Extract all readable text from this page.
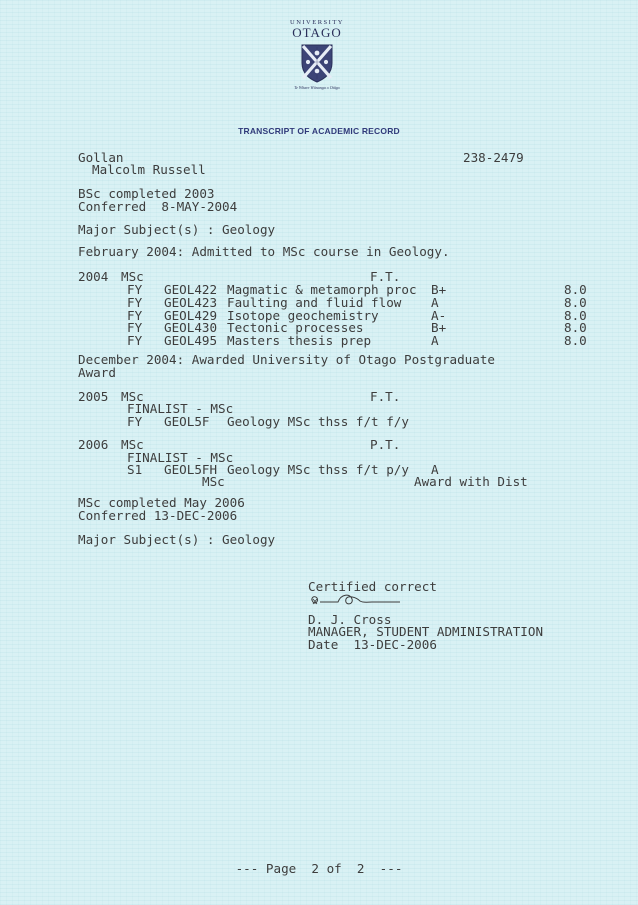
UNIVERSITY
OTAGO
Te Whare Wānanga o Otāgo
TRANSCRIPT OF ACADEMIC RECORD
Gollan
Malcolm Russell
238-2479
BSc completed 2003
Conferred  8-MAY-2004
Major Subject(s) : Geology
February 2004: Admitted to MSc course in Geology.
2004 MSc	F.T.
FY GEOL422 Magmatic & metamorph proc B+	8.0
FY GEOL423 Faulting and fluid flow A	8.0
FY GEOL429 Isotope geochemistry	A-	8.0
FY GEOL430 Tectonic processes	B+	8.0
FY GEOL495 Masters thesis prep	A	8.0
December 2004: Awarded University of Otago Postgraduate
Award
2005 MSc	F.T.
FINALIST - MSc
FY GEOL5F Geology MSc thss f/t f/y
2006 MSc	P.T.
FINALIST - MSc
S1 GEOL5FH Geology MSc thss f/t p/y A
MSc	Award with Dist
MSc completed May 2006
Conferred 13-DEC-2006
Major Subject(s) : Geology
Certified correct
D. J. Cross
MANAGER, STUDENT ADMINISTRATION
Date  13-DEC-2006
--- Page  2 of  2  ---
